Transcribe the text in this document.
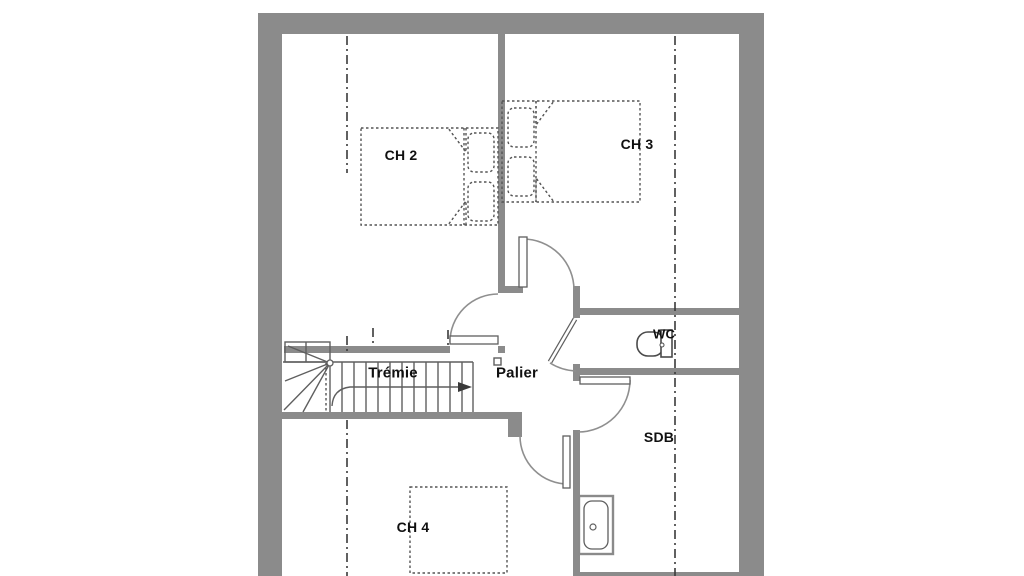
CH 2
CH 3
Trémie	Palier
WC
SDB
CH 4
